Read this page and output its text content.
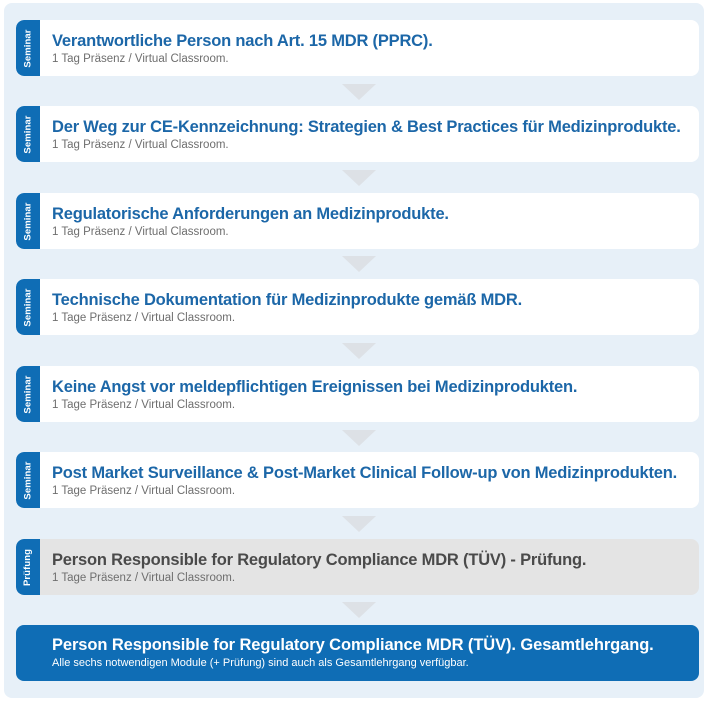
Seminar Verantwortliche Person nach Art. 15 MDR (PPRC).
1 Tag Präsenz / Virtual Classroom.
Seminar Der Weg zur CE-Kennzeichnung: Strategien & Best Practices für Medizinprodukte.
1 Tag Präsenz / Virtual Classroom.
Seminar Regulatorische Anforderungen an Medizinprodukte.
1 Tag Präsenz / Virtual Classroom.
Seminar Technische Dokumentation für Medizinprodukte gemäß MDR.
1 Tage Präsenz / Virtual Classroom.
Seminar Keine Angst vor meldepflichtigen Ereignissen bei Medizinprodukten.
1 Tage Präsenz / Virtual Classroom.
Seminar Post Market Surveillance & Post-Market Clinical Follow-up von Medizinprodukten.
1 Tage Präsenz / Virtual Classroom.
Prüfung Person Responsible for Regulatory Compliance MDR (TÜV) - Prüfung.
1 Tage Präsenz / Virtual Classroom.
Person Responsible for Regulatory Compliance MDR (TÜV). Gesamtlehrgang.
Alle sechs notwendigen Module (+ Prüfung) sind auch als Gesamtlehrgang verfügbar.
